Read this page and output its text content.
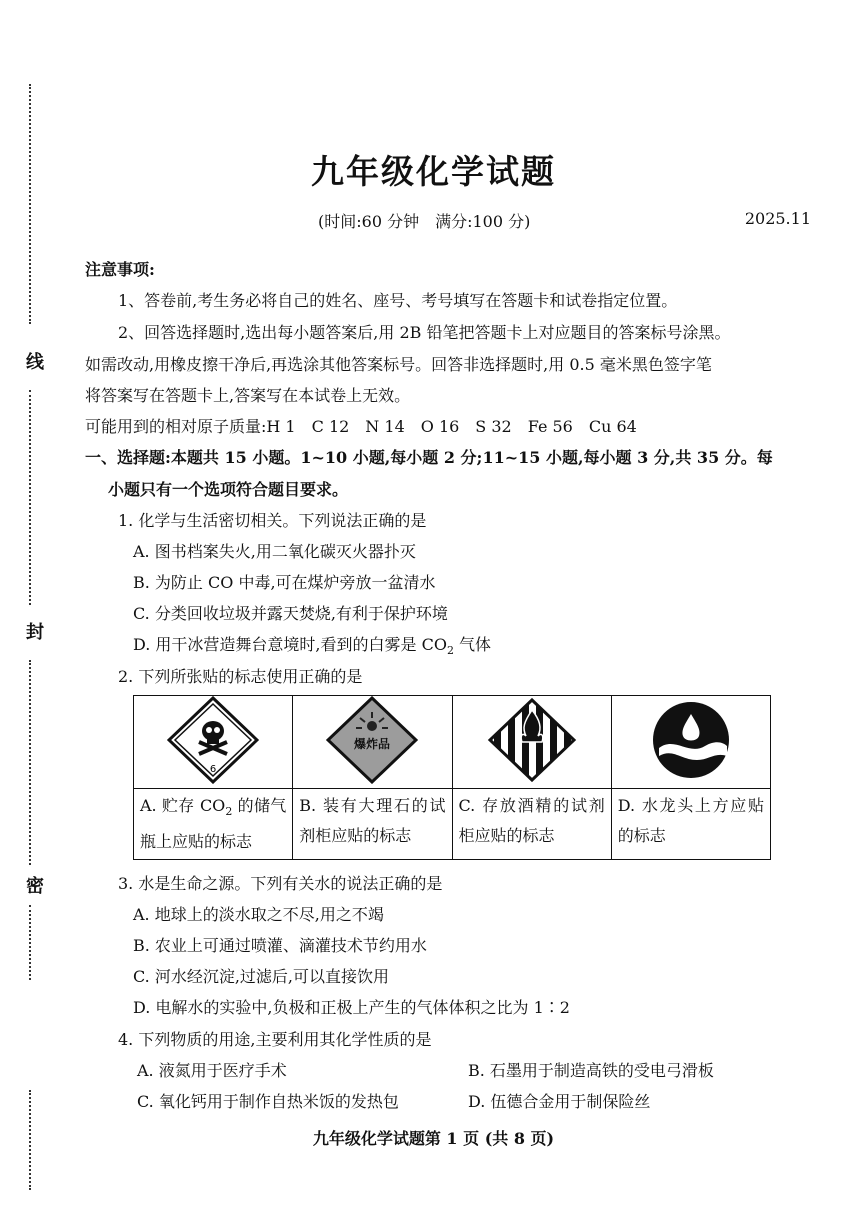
线
封
密
九年级化学试题
(时间:60 分钟　满分:100 分)	2025.11
注意事项:
1、答卷前,考生务必将自己的姓名、座号、考号填写在答题卡和试卷指定位置。
2、回答选择题时,选出每小题答案后,用 2B 铅笔把答题卡上对应题目的答案标号涂黑。
如需改动,用橡皮擦干净后,再选涂其他答案标号。回答非选择题时,用 0.5 毫米黑色签字笔
将答案写在答题卡上,答案写在本试卷上无效。
可能用到的相对原子质量:H 1　C 12　N 14　O 16　S 32　Fe 56　Cu 64
一、选择题:本题共 15 小题。1~10 小题,每小题 2 分;11~15 小题,每小题 3 分,共 35 分。每
小题只有一个选项符合题目要求。
1. 化学与生活密切相关。下列说法正确的是
A. 图书档案失火,用二氧化碳灭火器扑灭
B. 为防止 CO 中毒,可在煤炉旁放一盆清水
C. 分类回收垃圾并露天焚烧,有利于保护环境
D. 用干冰营造舞台意境时,看到的白雾是 $CO_2$ 气体
2. 下列所张贴的标志使用正确的是
6	爆炸品

A. 贮存 $CO_2$ 的储气瓶上应贴的标志	B. 装有大理石的试剂柜应贴的标志	C. 存放酒精的试剂柜应贴的标志	D. 水龙头上方应贴的标志
3. 水是生命之源。下列有关水的说法正确的是
A. 地球上的淡水取之不尽,用之不竭
B. 农业上可通过喷灌、滴灌技术节约用水
C. 河水经沉淀,过滤后,可以直接饮用
D. 电解水的实验中,负极和正极上产生的气体体积之比为 1∶2
4. 下列物质的用途,主要利用其化学性质的是
A. 液氮用于医疗手术	B. 石墨用于制造高铁的受电弓滑板
C. 氧化钙用于制作自热米饭的发热包	D. 伍德合金用于制保险丝
九年级化学试题第 1 页 (共 8 页)
